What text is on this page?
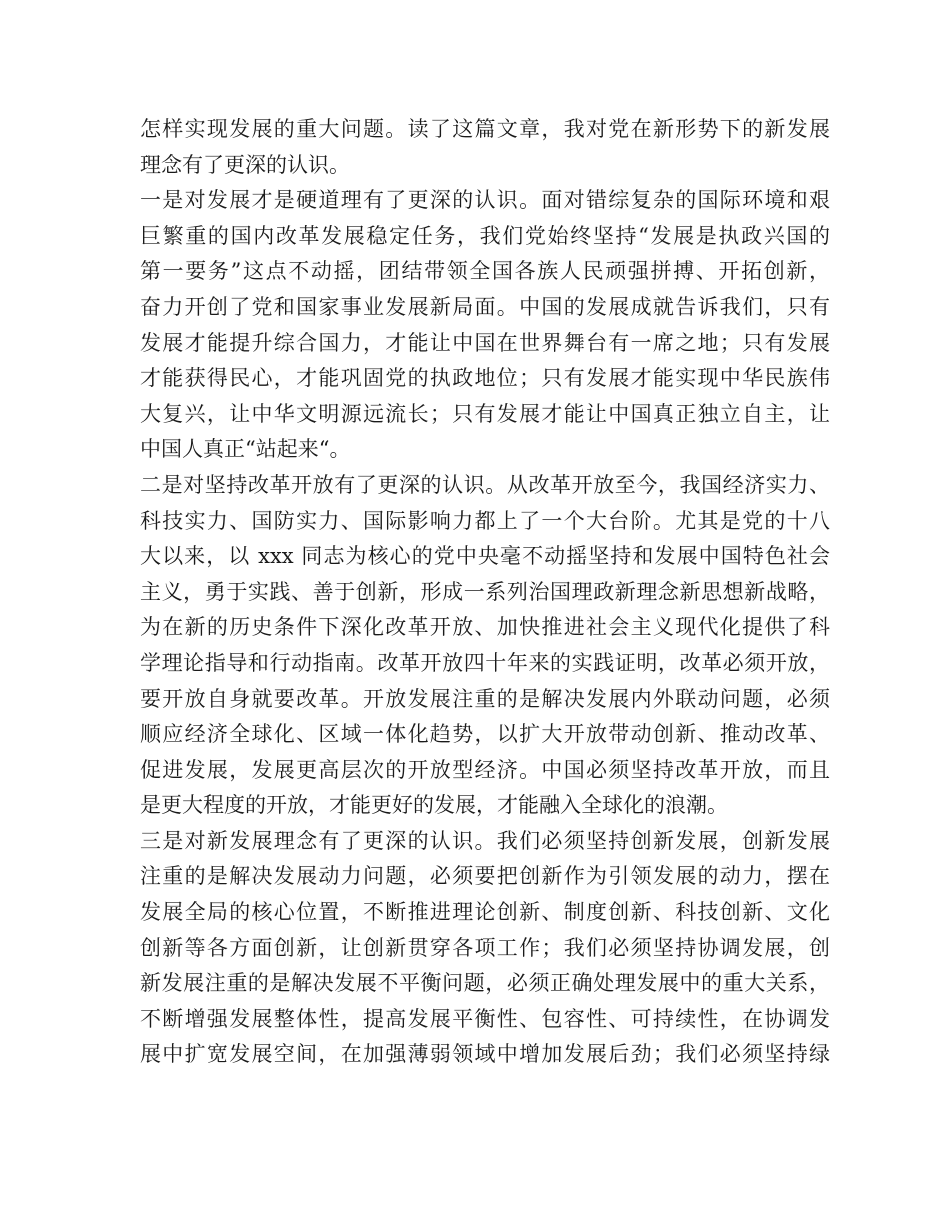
怎样实现发展的重大问题。读了这篇文章，我对党在新形势下的新发展
理念有了更深的认识。
一是对发展才是硬道理有了更深的认识。面对错综复杂的国际环境和艰
巨繁重的国内改革发展稳定任务，我们党始终坚持“发展是执政兴国的
第一要务”这点不动摇，团结带领全国各族人民顽强拼搏、开拓创新，
奋力开创了党和国家事业发展新局面。中国的发展成就告诉我们，只有
发展才能提升综合国力，才能让中国在世界舞台有一席之地；只有发展
才能获得民心，才能巩固党的执政地位；只有发展才能实现中华民族伟
大复兴，让中华文明源远流长；只有发展才能让中国真正独立自主，让
中国人真正“站起来“。
二是对坚持改革开放有了更深的认识。从改革开放至今，我国经济实力、
科技实力、国防实力、国际影响力都上了一个大台阶。尤其是党的十八
大以来，以 xxx 同志为核心的党中央毫不动摇坚持和发展中国特色社会
主义，勇于实践、善于创新，形成一系列治国理政新理念新思想新战略，
为在新的历史条件下深化改革开放、加快推进社会主义现代化提供了科
学理论指导和行动指南。改革开放四十年来的实践证明，改革必须开放，
要开放自身就要改革。开放发展注重的是解决发展内外联动问题，必须
顺应经济全球化、区域一体化趋势，以扩大开放带动创新、推动改革、
促进发展，发展更高层次的开放型经济。中国必须坚持改革开放，而且
是更大程度的开放，才能更好的发展，才能融入全球化的浪潮。
三是对新发展理念有了更深的认识。我们必须坚持创新发展，创新发展
注重的是解决发展动力问题，必须要把创新作为引领发展的动力，摆在
发展全局的核心位置，不断推进理论创新、制度创新、科技创新、文化
创新等各方面创新，让创新贯穿各项工作；我们必须坚持协调发展，创
新发展注重的是解决发展不平衡问题，必须正确处理发展中的重大关系，
不断增强发展整体性，提高发展平衡性、包容性、可持续性，在协调发
展中扩宽发展空间，在加强薄弱领域中增加发展后劲；我们必须坚持绿
